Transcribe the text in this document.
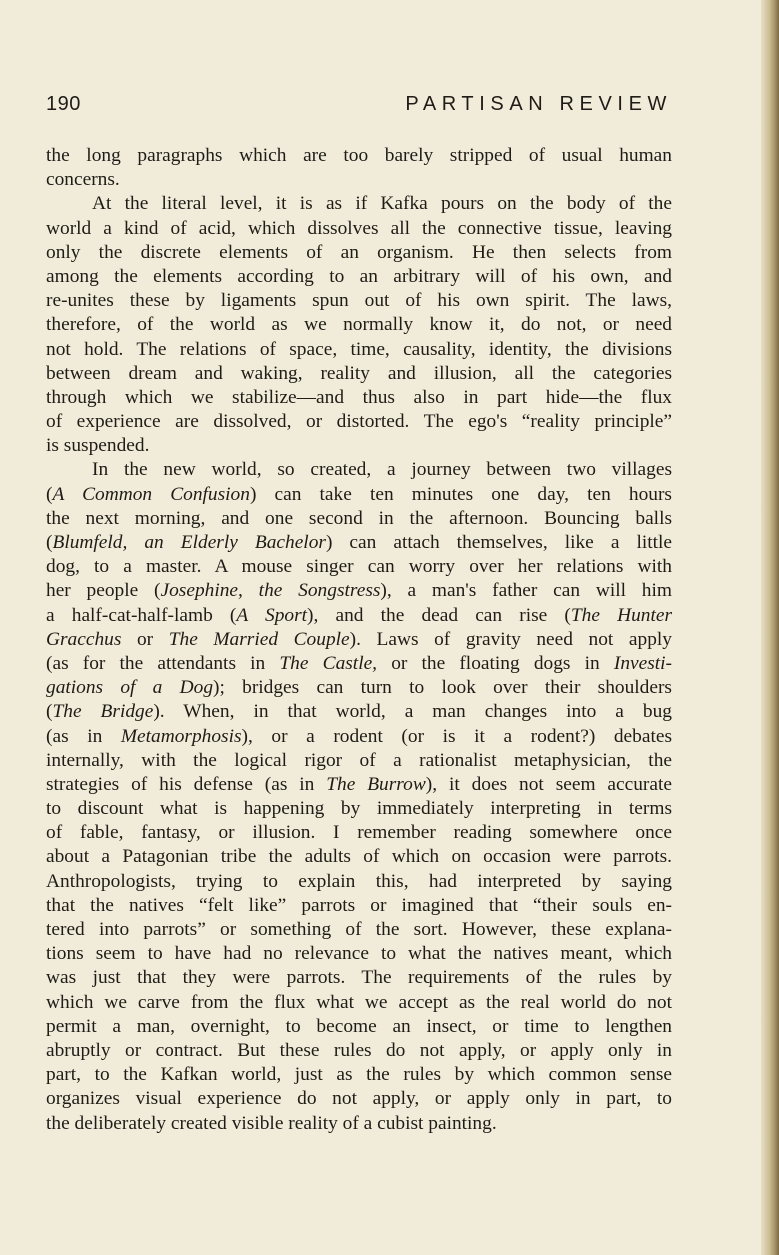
190	PARTISAN REVIEW
the long paragraphs which are too barely stripped of usual human
concerns.
At the literal level, it is as if Kafka pours on the body of the
world a kind of acid, which dissolves all the connective tissue, leaving
only the discrete elements of an organism. He then selects from
among the elements according to an arbitrary will of his own, and
re-unites these by ligaments spun out of his own spirit. The laws,
therefore, of the world as we normally know it, do not, or need
not hold. The relations of space, time, causality, identity, the divisions
between dream and waking, reality and illusion, all the categories
through which we stabilize—and thus also in part hide—the flux
of experience are dissolved, or distorted. The ego's “reality principle”
is suspended.
In the new world, so created, a journey between two villages
(A Common Confusion) can take ten minutes one day, ten hours
the next morning, and one second in the afternoon. Bouncing balls
(Blumfeld, an Elderly Bachelor) can attach themselves, like a little
dog, to a master. A mouse singer can worry over her relations with
her people (Josephine, the Songstress), a man's father can will him
a half-cat-half-lamb (A Sport), and the dead can rise (The Hunter
Gracchus or The Married Couple). Laws of gravity need not apply
(as for the attendants in The Castle, or the floating dogs in Investi-
gations of a Dog); bridges can turn to look over their shoulders
(The Bridge). When, in that world, a man changes into a bug
(as in Metamorphosis), or a rodent (or is it a rodent?) debates
internally, with the logical rigor of a rationalist metaphysician, the
strategies of his defense (as in The Burrow), it does not seem accurate
to discount what is happening by immediately interpreting in terms
of fable, fantasy, or illusion. I remember reading somewhere once
about a Patagonian tribe the adults of which on occasion were parrots.
Anthropologists, trying to explain this, had interpreted by saying
that the natives “felt like” parrots or imagined that “their souls en-
tered into parrots” or something of the sort. However, these explana-
tions seem to have had no relevance to what the natives meant, which
was just that they were parrots. The requirements of the rules by
which we carve from the flux what we accept as the real world do not
permit a man, overnight, to become an insect, or time to lengthen
abruptly or contract. But these rules do not apply, or apply only in
part, to the Kafkan world, just as the rules by which common sense
organizes visual experience do not apply, or apply only in part, to
the deliberately created visible reality of a cubist painting.
